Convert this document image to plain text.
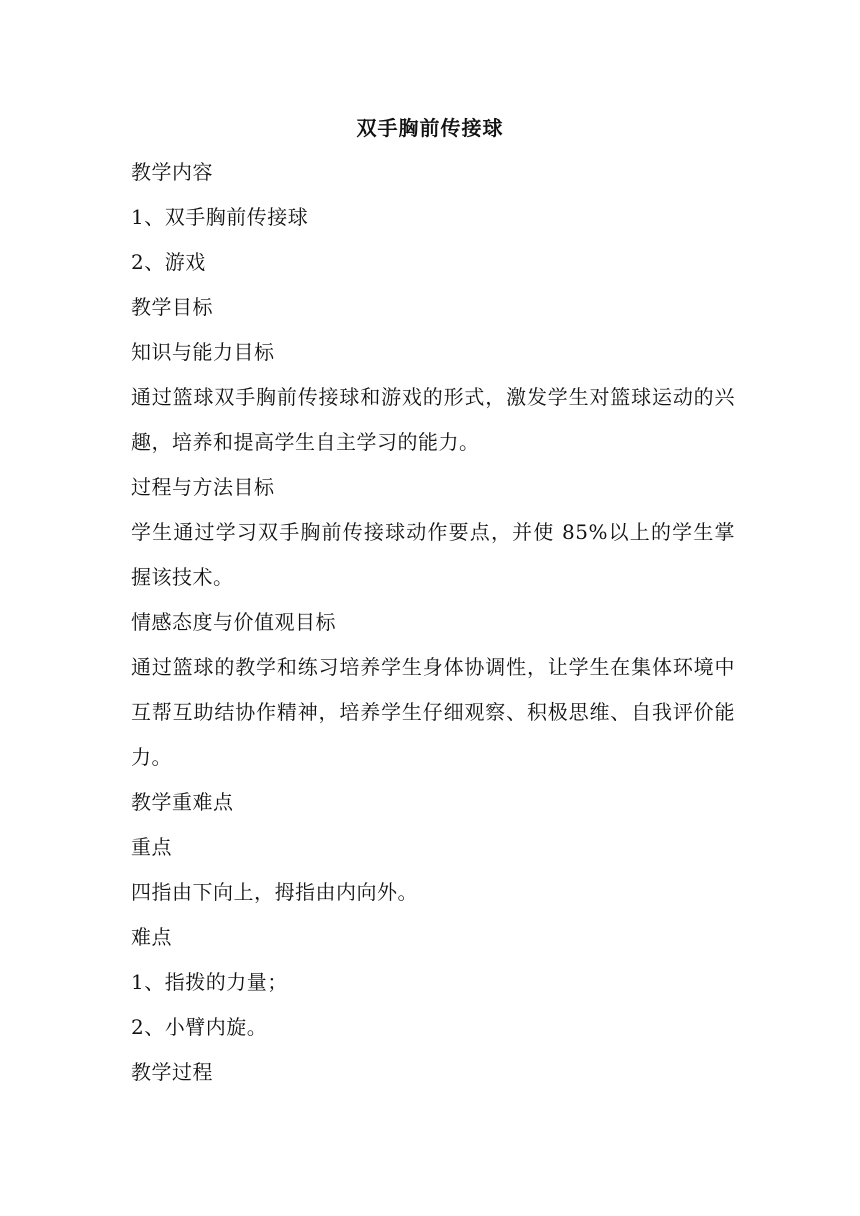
双手胸前传接球

教学内容

1、双手胸前传接球

2、游戏

教学目标

知识与能力目标

通过篮球双手胸前传接球和游戏的形式，激发学生对篮球运动的兴趣，培养和提高学生自主学习的能力。

过程与方法目标

学生通过学习双手胸前传接球动作要点，并使 85%以上的学生掌握该技术。

情感态度与价值观目标

通过篮球的教学和练习培养学生身体协调性，让学生在集体环境中互帮互助结协作精神，培养学生仔细观察、积极思维、自我评价能力。

教学重难点

重点

四指由下向上，拇指由内向外。

难点

1、指拨的力量；

2、小臂内旋。

教学过程
